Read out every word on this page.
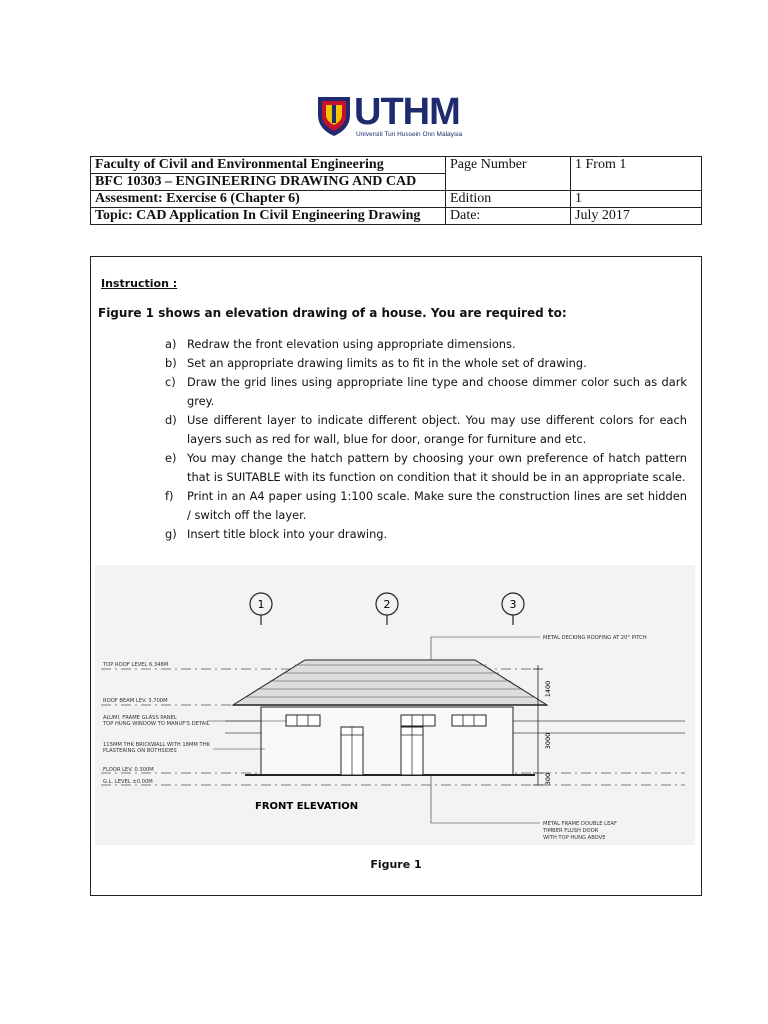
UTHM
Universiti Tun Hussein Onn Malaysia
Faculty of Civil and Environmental Engineering	Page Number	1 From 1
BFC 10303 – ENGINEERING DRAWING AND CAD		
Assesment: Exercise 6 (Chapter 6)	Edition	1
Topic: CAD Application In Civil Engineering Drawing	Date:	July 2017
Instruction :
Figure 1 shows an elevation drawing of a house. You are required to:
a) Redraw the front elevation using appropriate dimensions.
b) Set an appropriate drawing limits as to fit in the whole set of drawing.
c) Draw the grid lines using appropriate line type and choose dimmer color such as dark grey.
d) Use different layer to indicate different object. You may use different colors for each layers such as red for wall, blue for door, orange for furniture and etc.
e) You may change the hatch pattern by choosing your own preference of hatch pattern that is SUITABLE with its function on condition that it should be in an appropriate scale.
f) Print in an A4 paper using 1:100 scale. Make sure the construction lines are set hidden / switch off the layer.
g) Insert title block into your drawing.
1	2	3
1400
3000
300
TOP ROOF LEVEL 6.348M
ROOF BEAM LEV. 3.700M
ALUMI. FRAME GLASS PANEL
TOP HUNG WINDOW TO MANUF'S DETAIL
115MM THK BRICKWALL WITH 18MM THK
PLASTERING ON BOTHSIDES
FLOOR LEV. 0.300M
G.L. LEVEL ±0.00M
METAL DECKING ROOFING AT 20° PITCH
METAL FRAME DOUBLE LEAF
TIMBER FLUSH DOOR
WITH TOP HUNG ABOVE
FRONT ELEVATION
Figure 1
